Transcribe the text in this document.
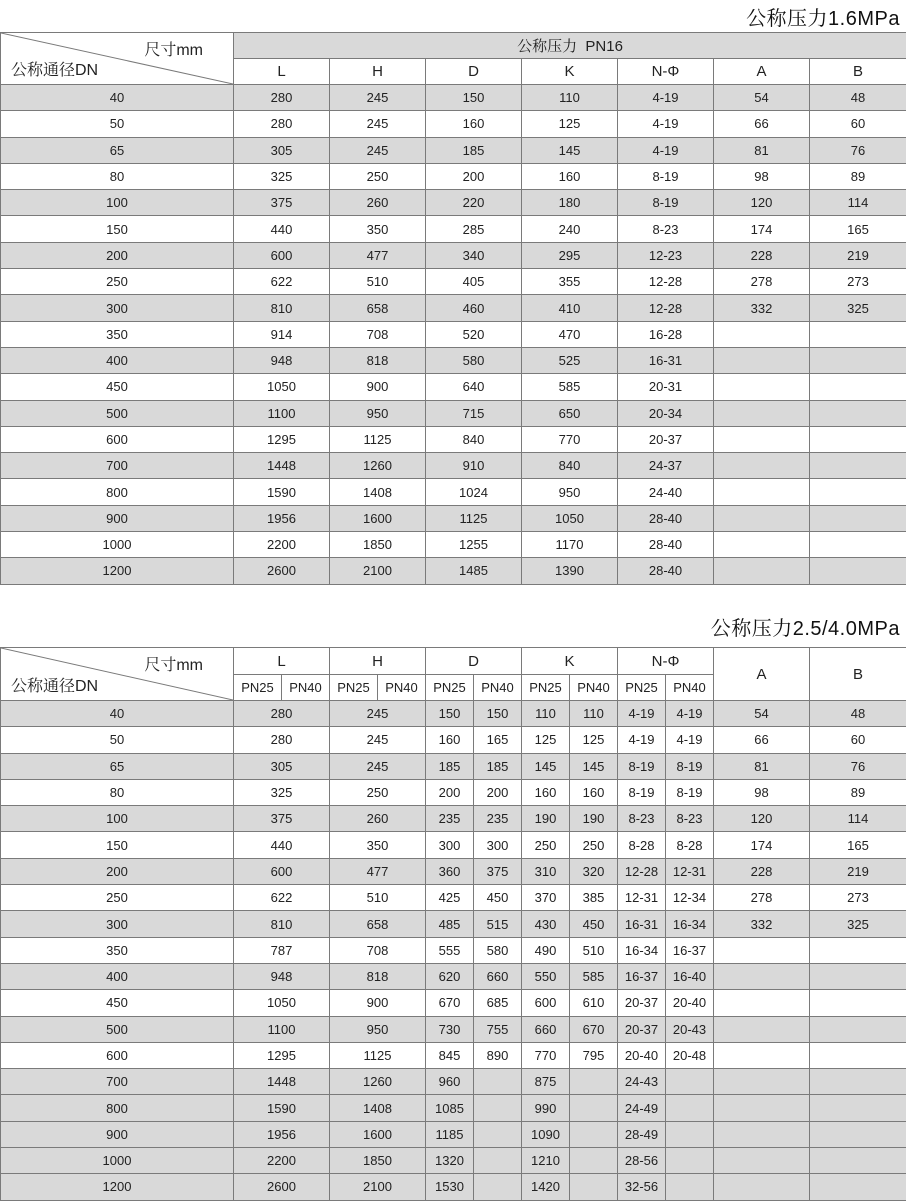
公称压力1.6MPa
尺寸mm
公称通径DN	公称压力  PN16						
	L	H	D	K	N-Φ	A	B
40	280	245	150	110	4-19	54	48
50	280	245	160	125	4-19	66	60
65	305	245	185	145	4-19	81	76
80	325	250	200	160	8-19	98	89
100	375	260	220	180	8-19	120	114
150	440	350	285	240	8-23	174	165
200	600	477	340	295	12-23	228	219
250	622	510	405	355	12-28	278	273
300	810	658	460	410	12-28	332	325
350	914	708	520	470	16-28		
400	948	818	580	525	16-31		
450	1050	900	640	585	20-31		
500	1100	950	715	650	20-34		
600	1295	1125	840	770	20-37		
700	1448	1260	910	840	24-37		
800	1590	1408	1024	950	24-40		
900	1956	1600	1125	1050	28-40		
1000	2200	1850	1255	1170	28-40		
1200	2600	2100	1485	1390	28-40		
公称压力2.5/4.0MPa
尺寸mm
公称通径DN	L		H		D		K		N-Φ		A	B
	PN25	PN40	PN25	PN40	PN25	PN40	PN25	PN40	PN25	PN40		
40	280		245		150	150	110	110	4-19	4-19	54	48
50	280		245		160	165	125	125	4-19	4-19	66	60
65	305		245		185	185	145	145	8-19	8-19	81	76
80	325		250		200	200	160	160	8-19	8-19	98	89
100	375		260		235	235	190	190	8-23	8-23	120	114
150	440		350		300	300	250	250	8-28	8-28	174	165
200	600		477		360	375	310	320	12-28	12-31	228	219
250	622		510		425	450	370	385	12-31	12-34	278	273
300	810		658		485	515	430	450	16-31	16-34	332	325
350	787		708		555	580	490	510	16-34	16-37		
400	948		818		620	660	550	585	16-37	16-40		
450	1050		900		670	685	600	610	20-37	20-40		
500	1100		950		730	755	660	670	20-37	20-43		
600	1295		1125		845	890	770	795	20-40	20-48		
700	1448		1260		960		875		24-43			
800	1590		1408		1085		990		24-49			
900	1956		1600		1185		1090		28-49			
1000	2200		1850		1320		1210		28-56			
1200	2600		2100		1530		1420		32-56			
